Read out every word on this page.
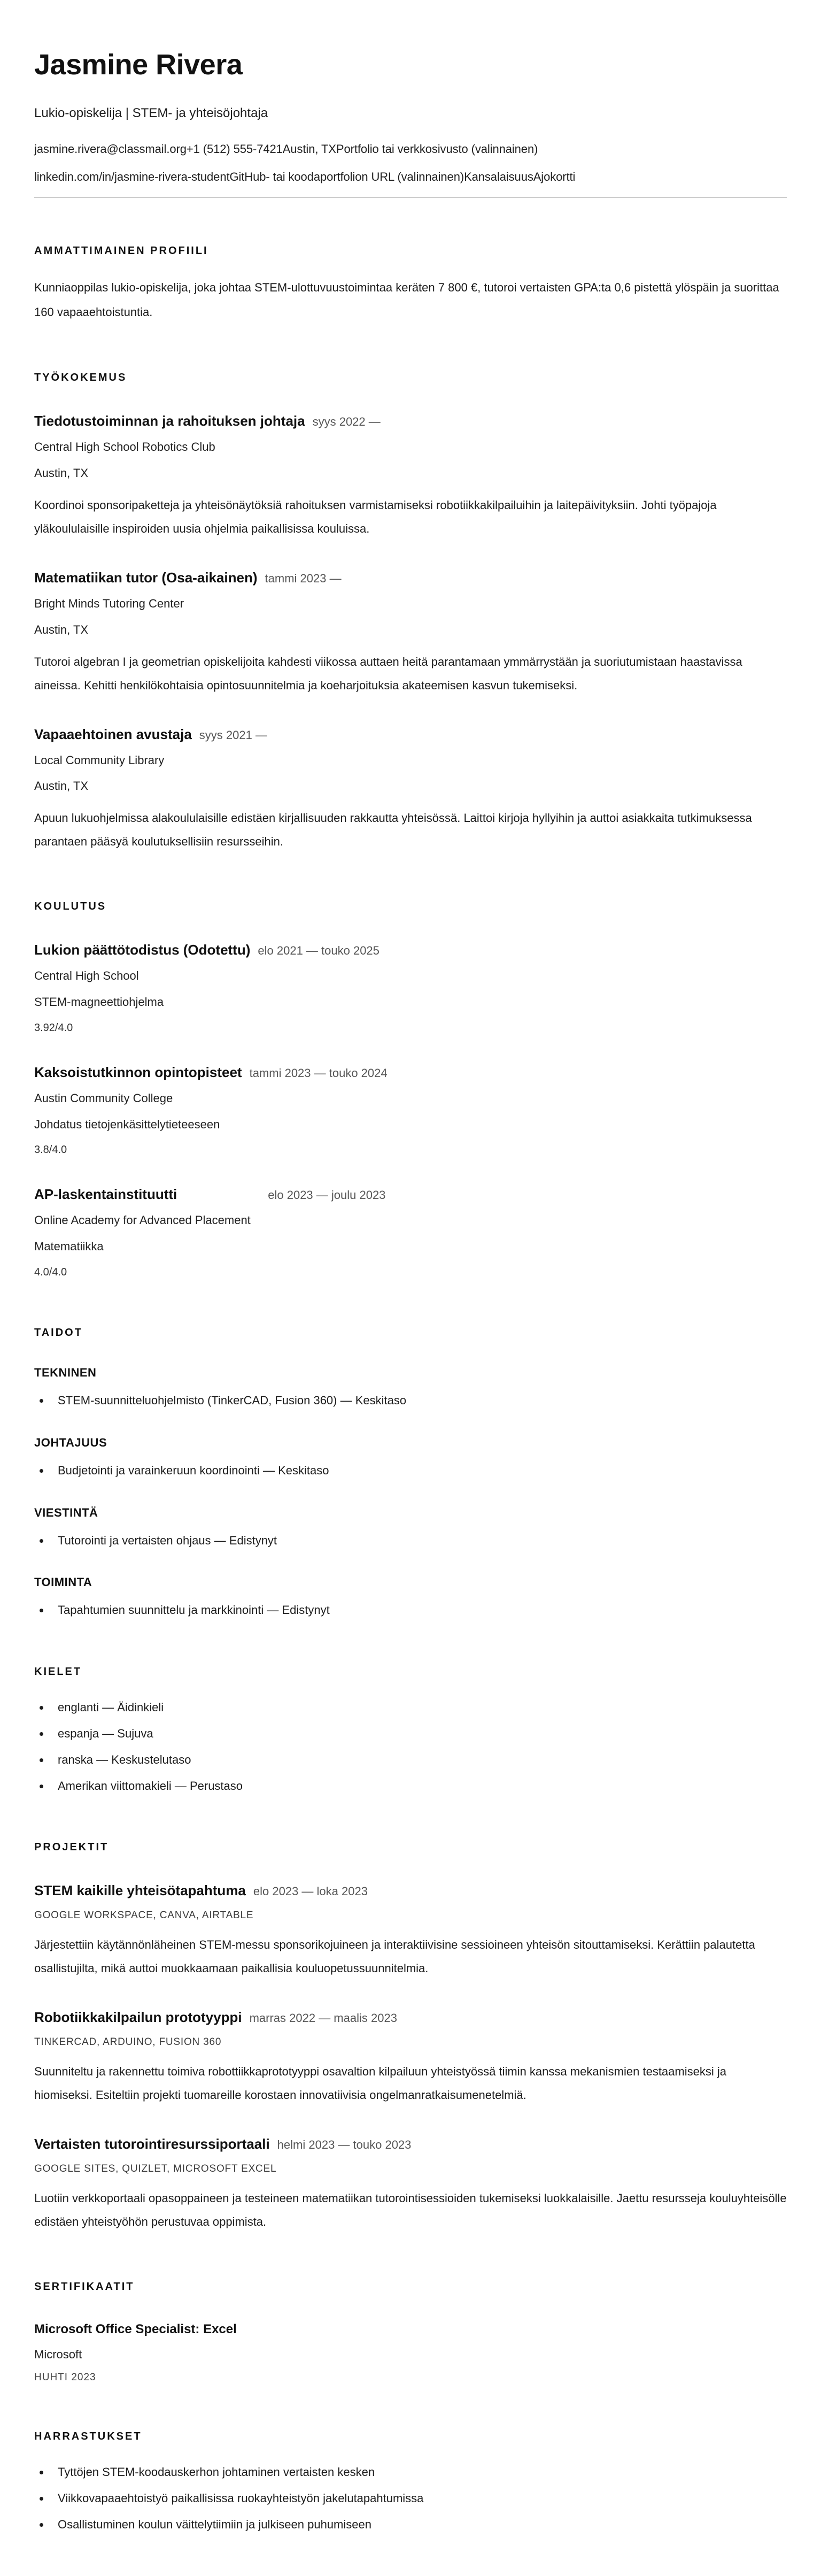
Jasmine Rivera
Lukio-opiskelija | STEM- ja yhteisöjohtaja
jasmine.rivera@classmail.org+1 (512) 555-7421Austin, TXPortfolio tai verkkosivusto (valinnainen)
linkedin.com/in/jasmine-rivera-studentGitHub- tai koodaportfolion URL (valinnainen)KansalaisuusAjokortti
AMMATTIMAINEN PROFIILI

Kunniaoppilas lukio-opiskelija, joka johtaa STEM-ulottuvuustoimintaa keräten 7 800 €, tutoroi vertaisten GPA:ta 0,6 pistettä ylöspäin ja suorittaa 160 vapaaehtoistuntia.

TYÖKOKEMUS
Tiedotustoiminnan ja rahoituksen johtaja syys 2022 —
Central High School Robotics Club
Austin, TX

Koordinoi sponsoripaketteja ja yhteisönäytöksiä rahoituksen varmistamiseksi robotiikkakilpailuihin ja laitepäivityksiin. Johti työpajoja yläkoululaisille inspiroiden uusia ohjelmia paikallisissa kouluissa.

Matematiikan tutor (Osa-aikainen) tammi 2023 —
Bright Minds Tutoring Center
Austin, TX

Tutoroi algebran I ja geometrian opiskelijoita kahdesti viikossa auttaen heitä parantamaan ymmärrystään ja suoriutumistaan haastavissa aineissa. Kehitti henkilökohtaisia opintosuunnitelmia ja koeharjoituksia akateemisen kasvun tukemiseksi.

Vapaaehtoinen avustaja syys 2021 —
Local Community Library
Austin, TX

Apuun lukuohjelmissa alakoululaisille edistäen kirjallisuuden rakkautta yhteisössä. Laittoi kirjoja hyllyihin ja auttoi asiakkaita tutkimuksessa parantaen pääsyä koulutuksellisiin resursseihin.

KOULUTUS
Lukion päättötodistus (Odotettu) elo 2021 — touko 2025
Central High School
STEM-magneettiohjelma
3.92/4.0
Kaksoistutkinnon opintopisteet tammi 2023 — touko 2024
Austin Community College
Johdatus tietojenkäsittelytieteeseen
3.8/4.0
AP-laskentainstituutti	elo 2023 — joulu 2023
Online Academy for Advanced Placement
Matematiikka
4.0/4.0
TAIDOT
TEKNINEN
• STEM-suunnitteluohjelmisto (TinkerCAD, Fusion 360) — Keskitaso
JOHTAJUUS
• Budjetointi ja varainkeruun koordinointi — Keskitaso
VIESTINTÄ
• Tutorointi ja vertaisten ohjaus — Edistynyt
TOIMINTA
• Tapahtumien suunnittelu ja markkinointi — Edistynyt
KIELET
• englanti — Äidinkieli
• espanja — Sujuva
• ranska — Keskustelutaso
• Amerikan viittomakieli — Perustaso
PROJEKTIT
STEM kaikille yhteisötapahtuma elo 2023 — loka 2023
GOOGLE WORKSPACE, CANVA, AIRTABLE

Järjestettiin käytännönläheinen STEM-messu sponsorikojuineen ja interaktiivisine sessioineen yhteisön sitouttamiseksi. Kerättiin palautetta osallistujilta, mikä auttoi muokkaamaan paikallisia kouluopetussuunnitelmia.

Robotiikkakilpailun prototyyppi marras 2022 — maalis 2023
TINKERCAD, ARDUINO, FUSION 360

Suunniteltu ja rakennettu toimiva robottiikkaprototyyppi osavaltion kilpailuun yhteistyössä tiimin kanssa mekanismien testaamiseksi ja hiomiseksi. Esiteltiin projekti tuomareille korostaen innovatiivisia ongelmanratkaisumenetelmiä.

Vertaisten tutorointiresurssiportaali helmi 2023 — touko 2023
GOOGLE SITES, QUIZLET, MICROSOFT EXCEL

Luotiin verkkoportaali opasoppaineen ja testeineen matematiikan tutorointisessioiden tukemiseksi luokkalaisille. Jaettu resursseja kouluyhteisölle edistäen yhteistyöhön perustuvaa oppimista.

SERTIFIKAATIT
Microsoft Office Specialist: Excel
Microsoft
HUHTI 2023
HARRASTUKSET
• Tyttöjen STEM-koodauskerhon johtaminen vertaisten kesken
• Viikkovapaaehtoistyö paikallisissa ruokayhteistyön jakelutapahtumissa
• Osallistuminen koulun väittelytiimiin ja julkiseen puhumiseen
